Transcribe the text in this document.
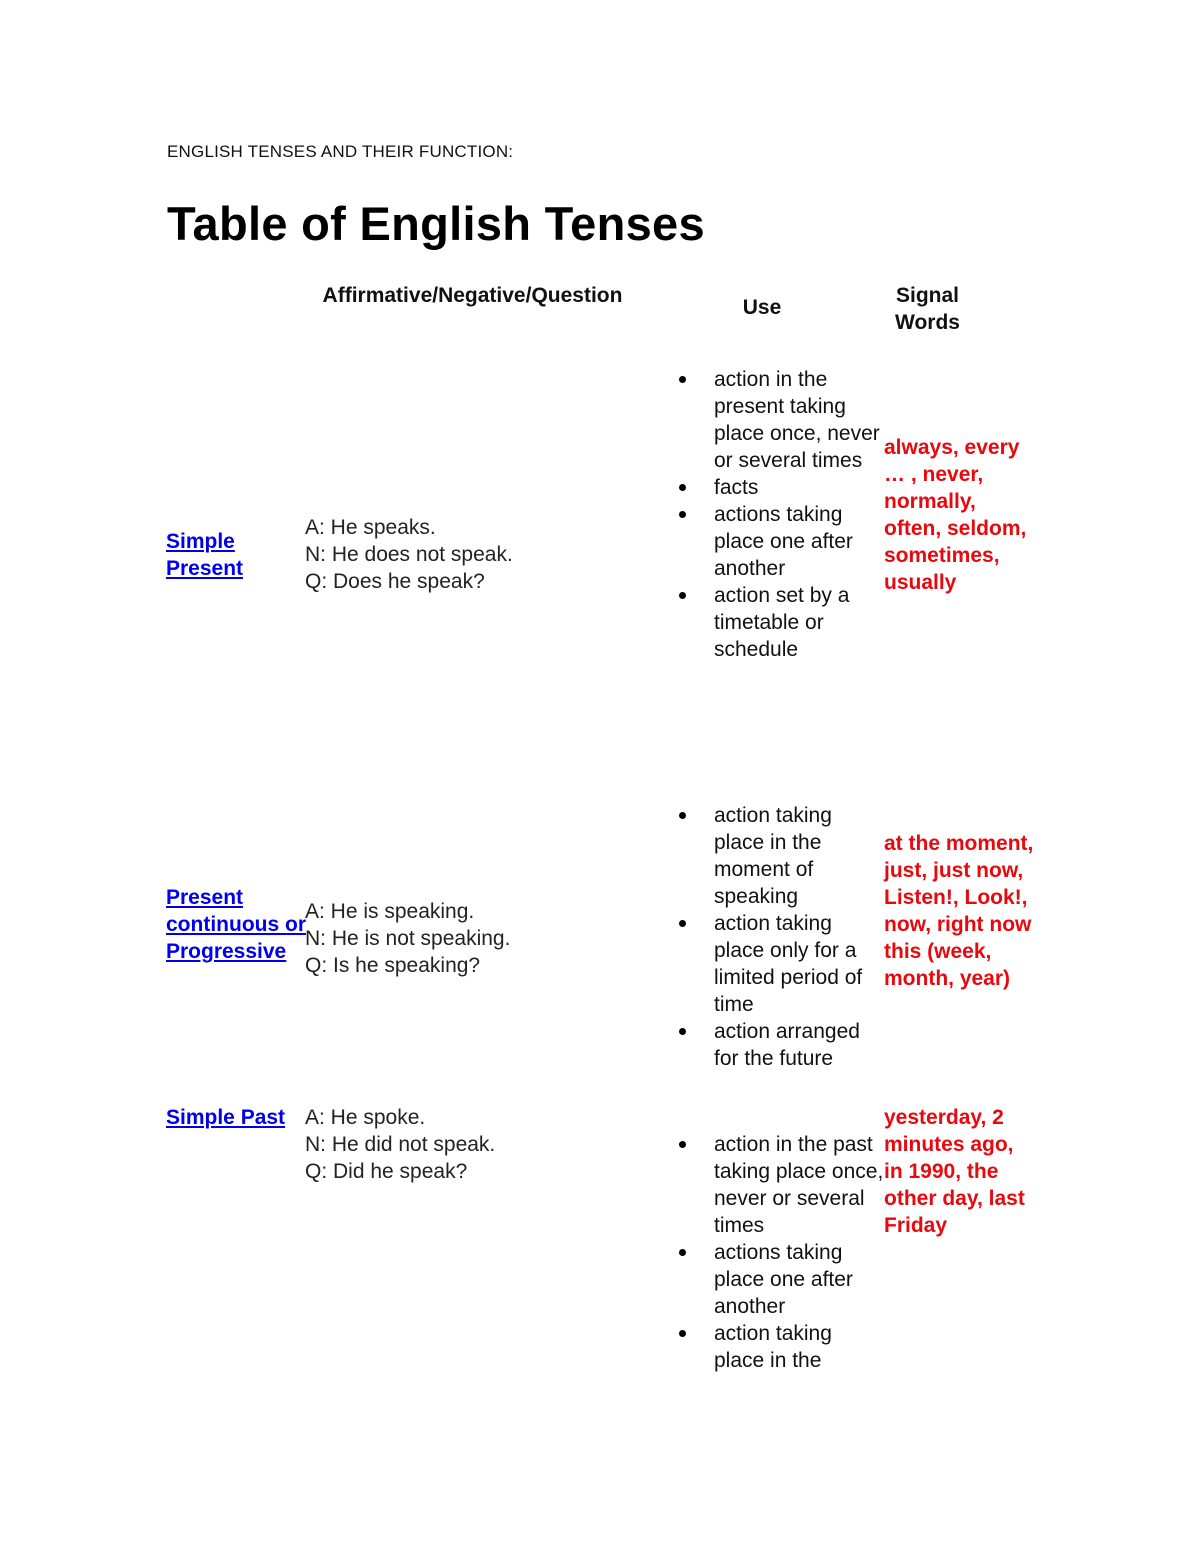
ENGLISH TENSES AND THEIR FUNCTION:
Table of English Tenses
Affirmative/Negative/Question
Use
Signal Words
Simple Present
A: He speaks.
N: He does not speak.
Q: Does he speak?
action in the present taking place once, never or several times
facts
actions taking place one after another
action set by a timetable or schedule
always, every … , never, normally, often, seldom, sometimes, usually
Present continuous or Progressive
A: He is speaking.
N: He is not speaking.
Q: Is he speaking?
action taking place in the moment of speaking
action taking place only for a limited period of time
action arranged for the future
at the moment, just, just now, Listen!, Look!, now, right now this (week, month, year)
Simple Past A: He spoke.
N: He did not speak.
Q: Did he speak?
action in the past taking place once, never or several times
actions taking place one after another
action taking place in the
yesterday, 2 minutes ago, in 1990, the other day, last Friday
